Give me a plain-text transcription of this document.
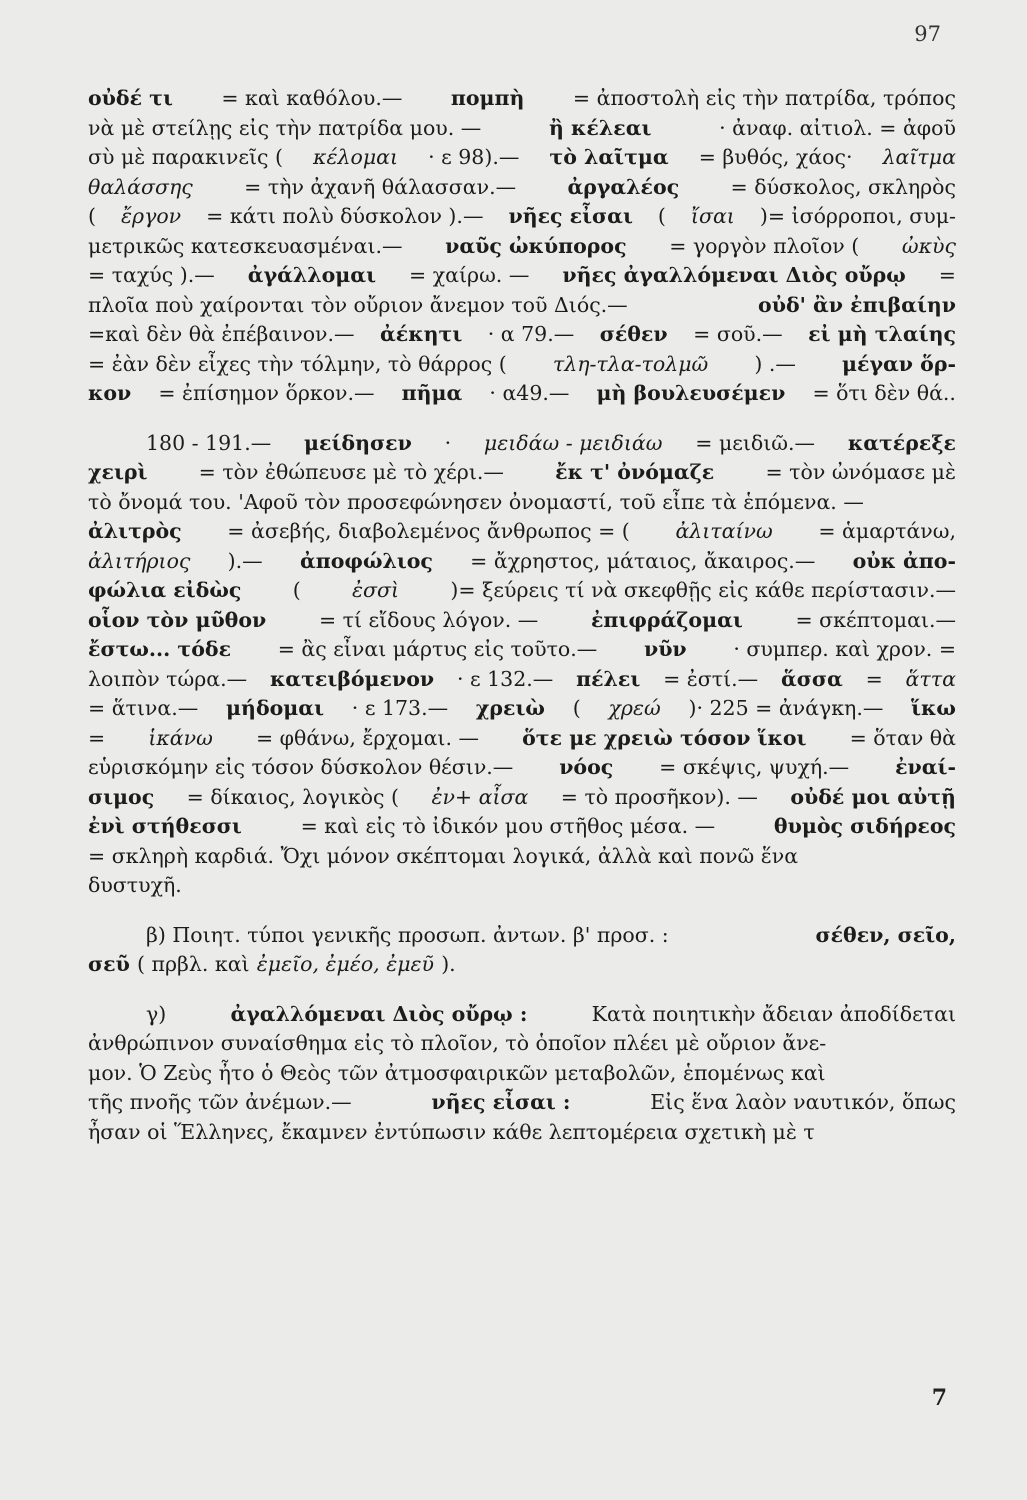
97
οὐδέ τι = καὶ καθόλου.— πομπὴ = ἀποστολὴ εἰς τὴν πατρίδα, τρόπος
νὰ μὲ στείλῃς εἰς τὴν πατρίδα μου. —	ἢ κέλεαι	· ἀναφ. αἰτιολ. = ἀφοῦ
σὺ μὲ παρακινεῖς ( κέλομαι · ε 98).— τὸ λαῖτμα = βυθός, χάος· λαῖτμα
θαλάσσης	= τὴν ἀχανῆ θάλασσαν.—	ἀργαλέος	= δύσκολος, σκληρὸς
( ἔργον = κάτι πολὺ δύσκολον ).— νῆες εἶσαι ( ἴσαι )= ἰσόρροποι, συμ-
μετρικῶς κατεσκευασμέναι.— ναῦς ὠκύπορος = γοργὸν πλοῖον ( ὠκὺς
= ταχύς ).— ἀγάλλομαι = χαίρω. — νῆες ἀγαλλόμεναι Διὸς οὔρῳ =
πλοῖα ποὺ χαίρονται τὸν οὔριον ἄνεμον τοῦ Διός.—	οὐδ' ἂν ἐπιβαίην
=καὶ δὲν θὰ ἐπέβαινον.— ἀέκητι · α 79.— σέθεν = σοῦ.— εἰ μὴ τλαίης
= ἐὰν δὲν εἶχες τὴν τόλμην, τὸ θάρρος ( τλη-τλα-τολμῶ ) .— μέγαν ὅρ-
κον = ἐπίσημον ὅρκον.— πῆμα · α49.— μὴ βουλευσέμεν = ὅτι δὲν θά..
180 - 191.— μείδησεν · μειδάω - μειδιάω = μειδιῶ.— κατέρεξε
χειρὶ = τὸν ἐθώπευσε μὲ τὸ χέρι.— ἔκ τ' ὀνόμαζε = τὸν ὠνόμασε μὲ
τὸ ὄνομά του. 'Αφοῦ τὸν προσεφώνησεν ὀνομαστί, τοῦ εἶπε τὰ ἑπόμενα. —
ἀλιτρὸς = ἀσεβής, διαβολεμένος ἄνθρωπος = ( ἀλιταίνω = ἁμαρτάνω,
ἀλιτήριος ).— ἀποφώλιος = ἄχρηστος, μάταιος, ἄκαιρος.— οὐκ ἀπο-
φώλια εἰδὼς	(	ἐσσὶ	)= ξεύρεις τί νὰ σκεφθῇς εἰς κάθε περίστασιν.—
οἷον τὸν μῦθον	= τί εἴδους λόγον. —	ἐπιφράζομαι	= σκέπτομαι.—
ἔστω... τόδε = ἂς εἶναι μάρτυς εἰς τοῦτο.— νῦν · συμπερ. καὶ χρον. =
λοιπὸν τώρα.— κατειβόμενον · ε 132.— πέλει = ἐστί.— ἅσσα = ἅττα
= ἅτινα.— μήδομαι · ε 173.— χρειὼ ( χρεώ )· 225 = ἀνάγκη.— ἵκω
= ἱκάνω = φθάνω, ἔρχομαι. — ὅτε με χρειὼ τόσον ἵκοι = ὅταν θὰ
εὑρισκόμην εἰς τόσον δύσκολον θέσιν.— νόος = σκέψις, ψυχή.— ἐναί-
σιμος = δίκαιος, λογικὸς ( ἐν+ αἶσα = τὸ προσῆκον). — οὐδέ μοι αὐτῇ
ἐνὶ στήθεσσι	= καὶ εἰς τὸ ἰδικόν μου στῆθος μέσα. —	θυμὸς σιδήρεος
= σκληρὴ καρδιά. Ὄχι μόνον σκέπτομαι λογικά, ἀλλὰ καὶ πονῶ ἕνα
δυστυχῆ.
β) Ποιητ. τύποι γενικῆς προσωπ. ἀντων. β' προσ. :	σέθεν, σεῖο,
σεῦ ( πρβλ. καὶ ἐμεῖο, ἐμέο, ἐμεῦ ).
γ)	ἀγαλλόμεναι Διὸς οὔρῳ :	Κατὰ ποιητικὴν ἄδειαν ἀποδίδεται
ἀνθρώπινον συναίσθημα εἰς τὸ πλοῖον, τὸ ὁποῖον πλέει μὲ οὔριον ἄνε-
μον. Ὁ Ζεὺς ἦτο ὁ Θεὸς τῶν ἀτμοσφαιρικῶν μεταβολῶν, ἑπομένως καὶ
τῆς πνοῆς τῶν ἀνέμων.—	νῆες εἶσαι :	Εἰς ἕνα λαὸν ναυτικόν, ὅπως
ἦσαν οἱ Ἕλληνες, ἔκαμνεν ἐντύπωσιν κάθε λεπτομέρεια σχετικὴ μὲ τ
7
